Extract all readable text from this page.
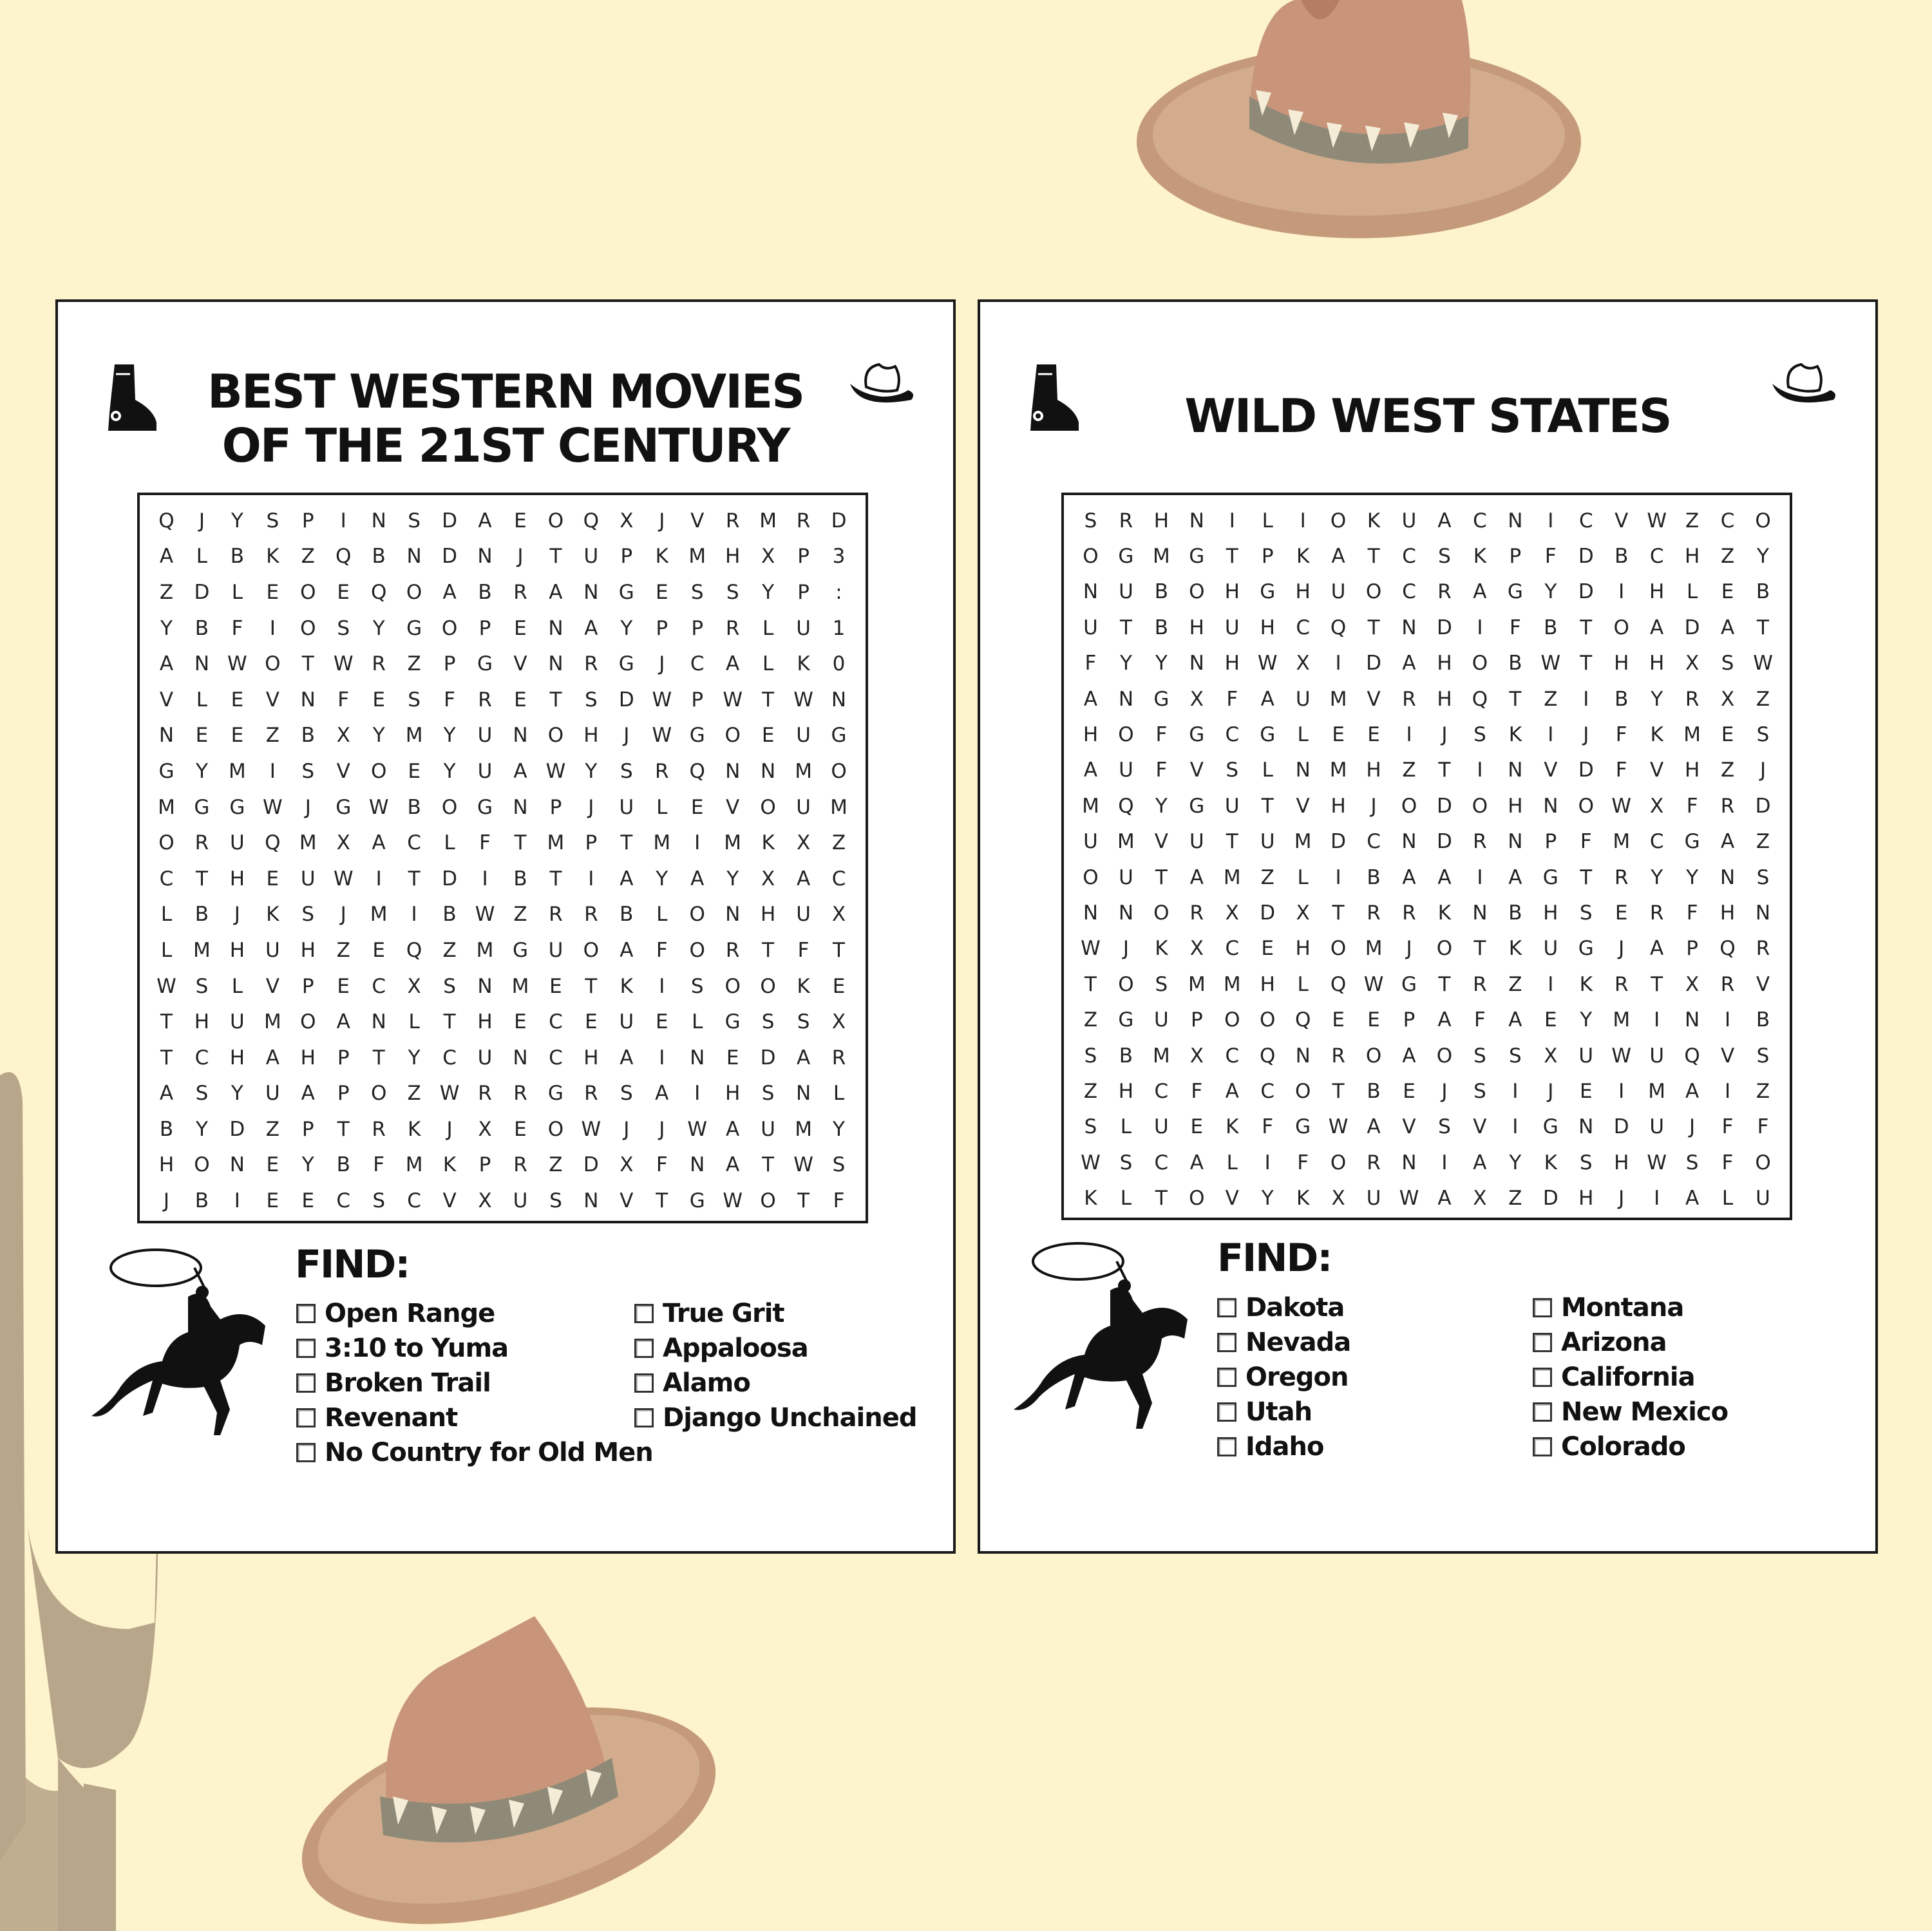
BEST WESTERN MOVIES
OF THE 21ST CENTURY
Q	J	Y	S	P	I	N	S	D	A	E	O Q	X	J	V	R M R	D
A	L	B	K	Z	Q	B	N	D	N	J	T	U	P	K	M H	X	P	3
Z	D	L	E	O	E	Q O	A	B	R	A	N	G	E	S	S	Y	P	:
Y	B	F	I	O	S	Y	G O	P	E	N	A	Y	P	P	R	L	U	1
A	N W O	T W R	Z	P	G	V	N	R	G	J	C	A	L	K	0
V	L	E	V	N	F	E	S	F	R	E	T	S	D W P W T W N
N	E	E	Z	B	X	Y	M	Y	U	N	O	H	J	W G O	E	U	G
G	Y	M	I	S	V	O	E	Y	U	A W Y	S	R	Q	N	N M O
M G G W	J	G W B	O G	N	P	J	U	L	E	V	O	U M
O	R	U	Q M X	A	C	L	F	T	M	P	T	M	I	M	K	X	Z
C	T	H	E	U W	I	T	D	I	B	T	I	A	Y	A	Y	X	A	C
L	B	J	K	S	J	M	I	B W Z	R	R	B	L	O	N	H	U	X
L	M H	U	H	Z	E	Q	Z M G	U	O	A	F	O	R	T	F	T
W S	L	V	P	E	C	X	S	N M	E	T	K	I	S	O O	K	E
T	H	U M O	A	N	L	T	H	E	C	E	U	E	L	G	S	S	X
T	C	H	A	H	P	T	Y	C	U	N	C	H	A	I	N	E	D	A	R
A	S	Y	U	A	P	O	Z W R	R	G	R	S	A	I	H	S	N	L
B	Y	D	Z	P	T	R	K	J	X	E	O W	J	J	W A	U M	Y
H	O	N	E	Y	B	F	M	K	P	R	Z	D	X	F	N	A	T W S
J	B	I	E	E	C	S	C	V	X	U	S	N	V	T	G W O	T	F
FIND:
Open Range
3:10 to Yuma
Broken Trail
Revenant
No Country for Old Men
True Grit
Appaloosa
Alamo
Django Unchained
WILD WEST STATES
S	R	H	N	I	L	I	O	K	U	A	C	N	I	C	V W Z	C	O
O G M G	T	P	K	A	T	C	S	K	P	F	D	B	C	H	Z	Y
N	U	B	O	H	G	H	U	O	C	R	A	G	Y	D	I	H	L	E	B
U	T	B	H	U	H	C	Q	T	N	D	I	F	B	T	O	A	D	A	T
F	Y	Y	N	H W X	I	D	A	H	O	B W T	H	H	X	S W
A	N	G	X	F	A	U M V	R	H	Q	T	Z	I	B	Y	R	X	Z
H	O	F	G	C	G	L	E	E	I	J	S	K	I	J	F	K	M	E	S
A	U	F	V	S	L	N M H	Z	T	I	N	V	D	F	V	H	Z	J
M Q	Y	G	U	T	V	H	J	O D O	H	N	O W X	F	R	D
U M V	U	T	U M D	C	N	D	R	N	P	F	M C	G	A	Z
O	U	T	A M Z	L	I	B	A	A	I	A	G	T	R	Y	Y	N	S
N	N	O	R	X	D	X	T	R	R	K	N	B	H	S	E	R	F	H	N
W	J	K	X	C	E	H	O M	J	O	T	K	U	G	J	A	P	Q	R
T	O	S	M M H	L	Q W G	T	R	Z	I	K	R	T	X	R	V
Z	G	U	P	O O Q	E	E	P	A	F	A	E	Y	M	I	N	I	B
S	B M X	C	Q	N	R	O	A	O	S	S	X	U W U	Q	V	S
Z	H	C	F	A	C	O	T	B	E	J	S	I	J	E	I	M A	I	Z
S	L	U	E	K	F	G W A	V	S	V	I	G	N	D	U	J	F	F
W S	C	A	L	I	F	O	R	N	I	A	Y	K	S	H W S	F	O
K	L	T	O	V	Y	K	X	U W A	X	Z	D	H	J	I	A	L	U
FIND:
Dakota
Nevada
Oregon
Utah
Idaho
Montana
Arizona
California
New Mexico
Colorado
